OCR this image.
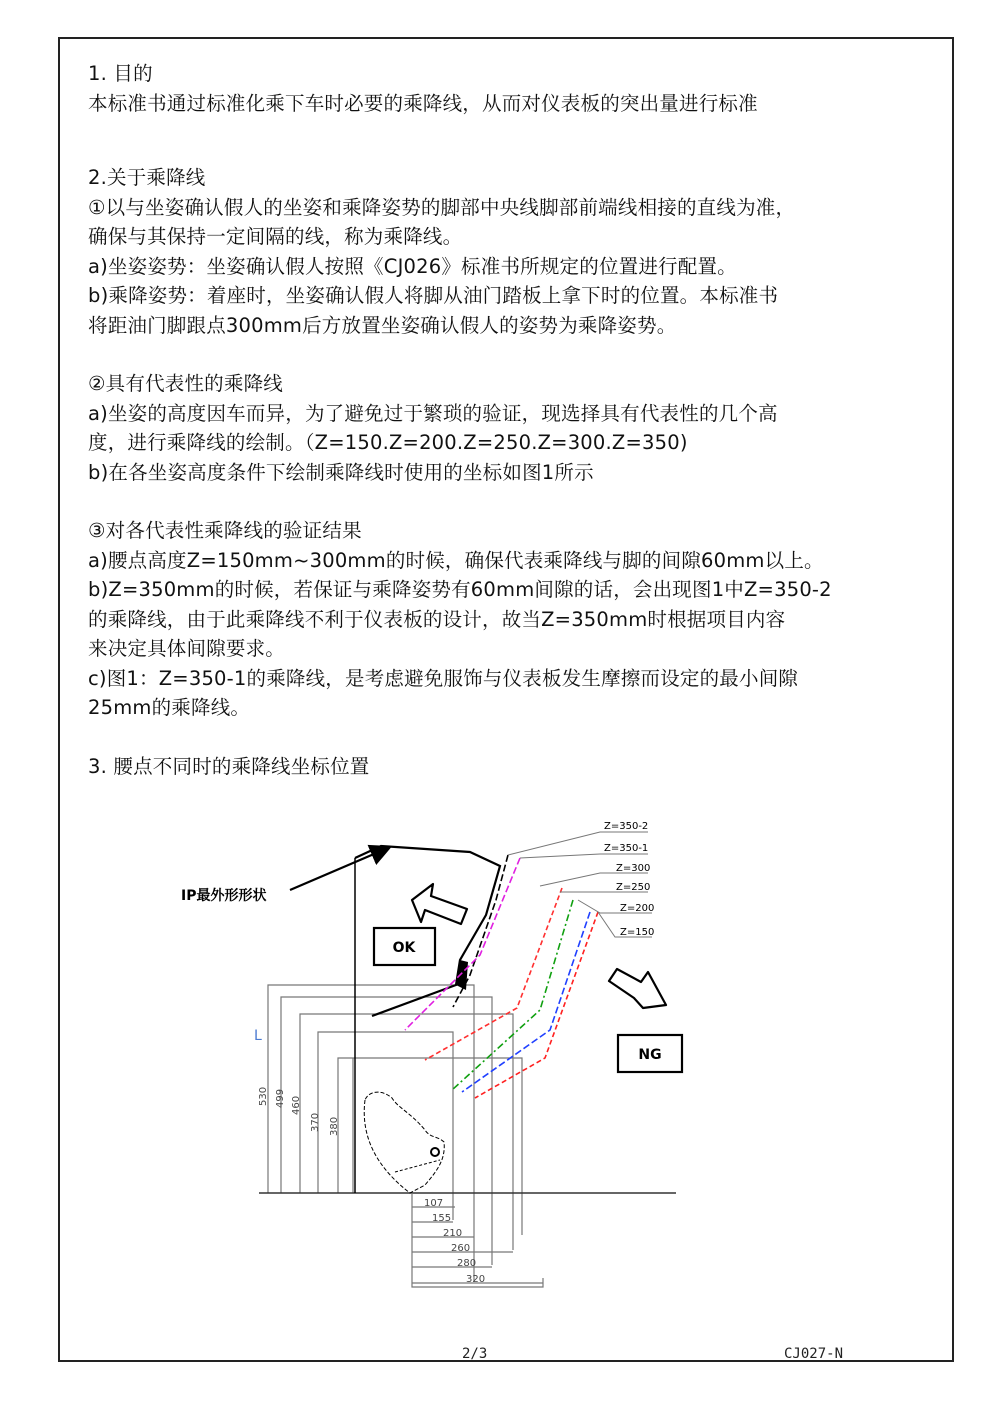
1. 目的
本标准书通过标准化乘下车时必要的乘降线，从而对仪表板的突出量进行标准
2.关于乘降线
①以与坐姿确认假人的坐姿和乘降姿势的脚部中央线脚部前端线相接的直线为准，
确保与其保持一定间隔的线，称为乘降线。
a)坐姿姿势：坐姿确认假人按照《CJ026》标准书所规定的位置进行配置。
b)乘降姿势：着座时，坐姿确认假人将脚从油门踏板上拿下时的位置。本标准书
将距油门脚跟点300mm后方放置坐姿确认假人的姿势为乘降姿势。
②具有代表性的乘降线
a)坐姿的高度因车而异，为了避免过于繁琐的验证，现选择具有代表性的几个高
度，进行乘降线的绘制。（Z=150.Z=200.Z=250.Z=300.Z=350)
b)在各坐姿高度条件下绘制乘降线时使用的坐标如图1所示
③对各代表性乘降线的验证结果
a)腰点高度Z=150mm~300mm的时候，确保代表乘降线与脚的间隙60mm以上。
b)Z=350mm的时候，若保证与乘降姿势有60mm间隙的话，会出现图1中Z=350-2
的乘降线，由于此乘降线不利于仪表板的设计，故当Z=350mm时根据项目内容
来决定具体间隙要求。
c)图1：Z=350-1的乘降线，是考虑避免服饰与仪表板发生摩擦而设定的最小间隙
25mm的乘降线。
3. 腰点不同时的乘降线坐标位置
530 499 460
370 380
107
155
210
260
280
320
L
IP最外形形状
Z=350-2
Z=350-1
Z=300
Z=250
Z=200
Z=150
OK
NG
2/3	CJ027-N
